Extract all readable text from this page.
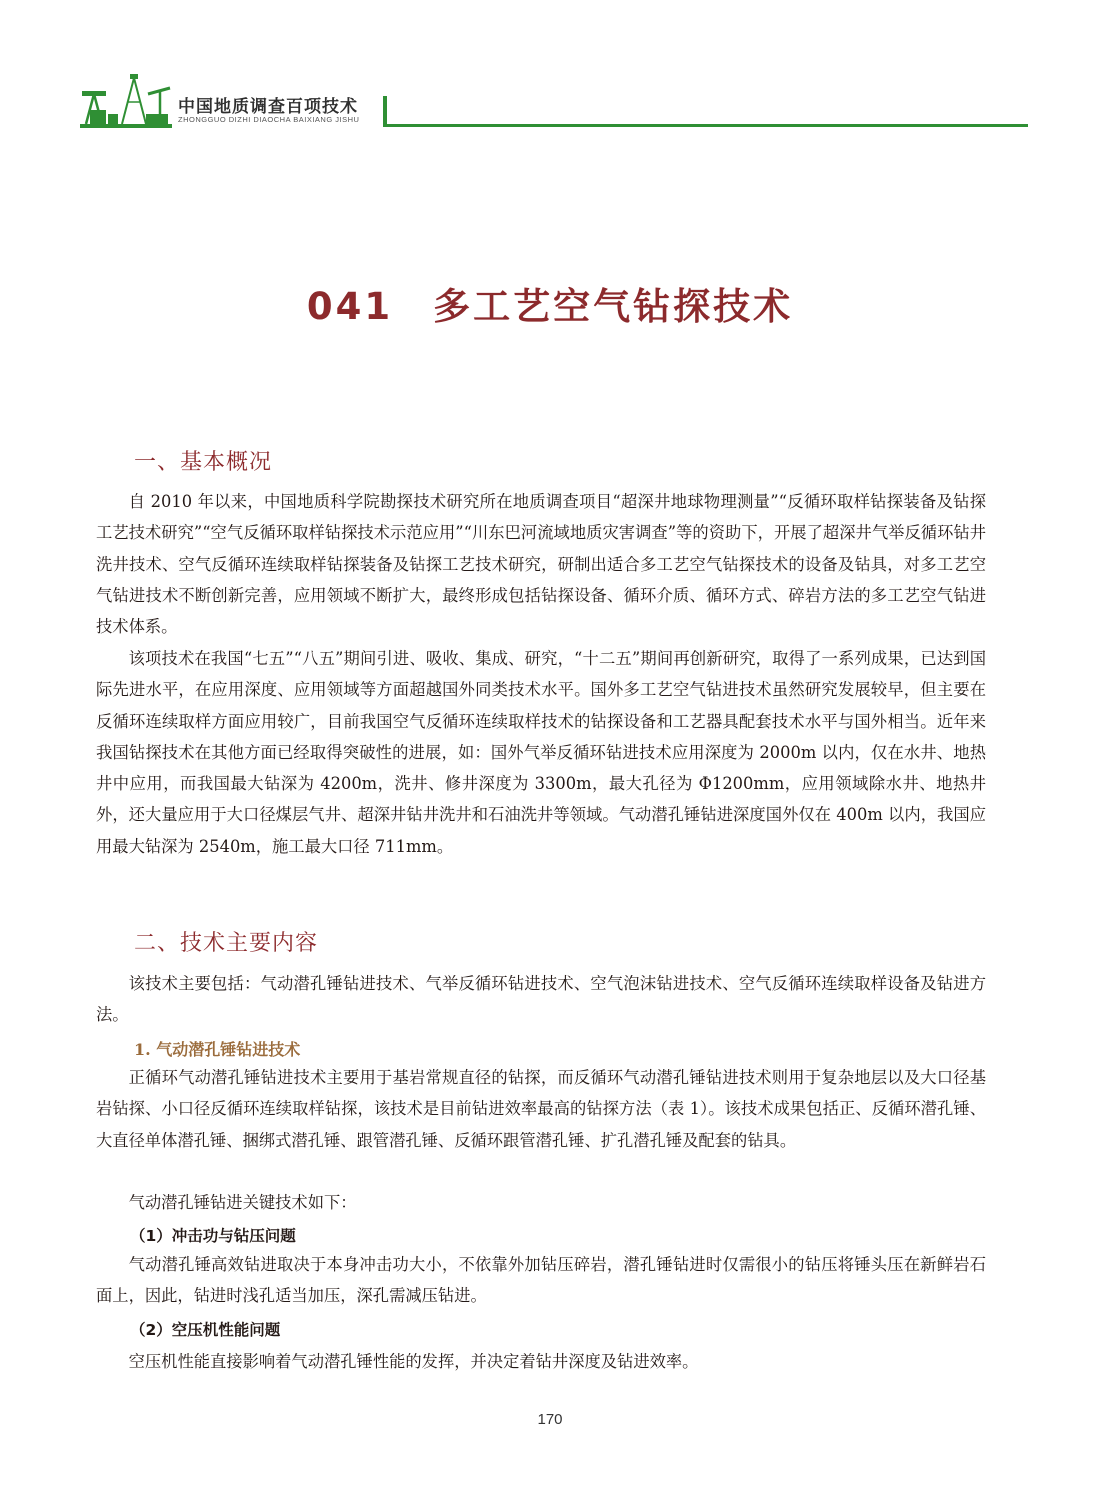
中国地质调查百项技术
ZHONGGUO DIZHI DIAOCHA BAIXIANG JISHU
041 多工艺空气钻探技术
一、基本概况

自 2010 年以来，中国地质科学院勘探技术研究所在地质调查项目“超深井地球物理测量”“反循环取样钻探装备及钻探工艺技术研究”“空气反循环取样钻探技术示范应用”“川东巴河流域地质灾害调查”等的资助下，开展了超深井气举反循环钻井洗井技术、空气反循环连续取样钻探装备及钻探工艺技术研究，研制出适合多工艺空气钻探技术的设备及钻具，对多工艺空气钻进技术不断创新完善，应用领域不断扩大，最终形成包括钻探设备、循环介质、循环方式、碎岩方法的多工艺空气钻进技术体系。

该项技术在我国“七五”“八五”期间引进、吸收、集成、研究，“十二五”期间再创新研究，取得了一系列成果，已达到国际先进水平，在应用深度、应用领域等方面超越国外同类技术水平。国外多工艺空气钻进技术虽然研究发展较早，但主要在反循环连续取样方面应用较广，目前我国空气反循环连续取样技术的钻探设备和工艺器具配套技术水平与国外相当。近年来我国钻探技术在其他方面已经取得突破性的进展，如：国外气举反循环钻进技术应用深度为 2000m 以内，仅在水井、地热井中应用，而我国最大钻深为 4200m，洗井、修井深度为 3300m，最大孔径为 Φ1200mm，应用领域除水井、地热井外，还大量应用于大口径煤层气井、超深井钻井洗井和石油洗井等领域。气动潜孔锤钻进深度国外仅在 400m 以内，我国应用最大钻深为 2540m，施工最大口径 711mm。

二、技术主要内容

该技术主要包括：气动潜孔锤钻进技术、气举反循环钻进技术、空气泡沫钻进技术、空气反循环连续取样设备及钻进方法。

1. 气动潜孔锤钻进技术

正循环气动潜孔锤钻进技术主要用于基岩常规直径的钻探，而反循环气动潜孔锤钻进技术则用于复杂地层以及大口径基岩钻探、小口径反循环连续取样钻探，该技术是目前钻进效率最高的钻探方法（表 1）。该技术成果包括正、反循环潜孔锤、大直径单体潜孔锤、捆绑式潜孔锤、跟管潜孔锤、反循环跟管潜孔锤、扩孔潜孔锤及配套的钻具。

气动潜孔锤钻进关键技术如下：

（1）冲击功与钻压问题

气动潜孔锤高效钻进取决于本身冲击功大小，不依靠外加钻压碎岩，潜孔锤钻进时仅需很小的钻压将锤头压在新鲜岩石面上，因此，钻进时浅孔适当加压，深孔需减压钻进。

（2）空压机性能问题

空压机性能直接影响着气动潜孔锤性能的发挥，并决定着钻井深度及钻进效率。

170
